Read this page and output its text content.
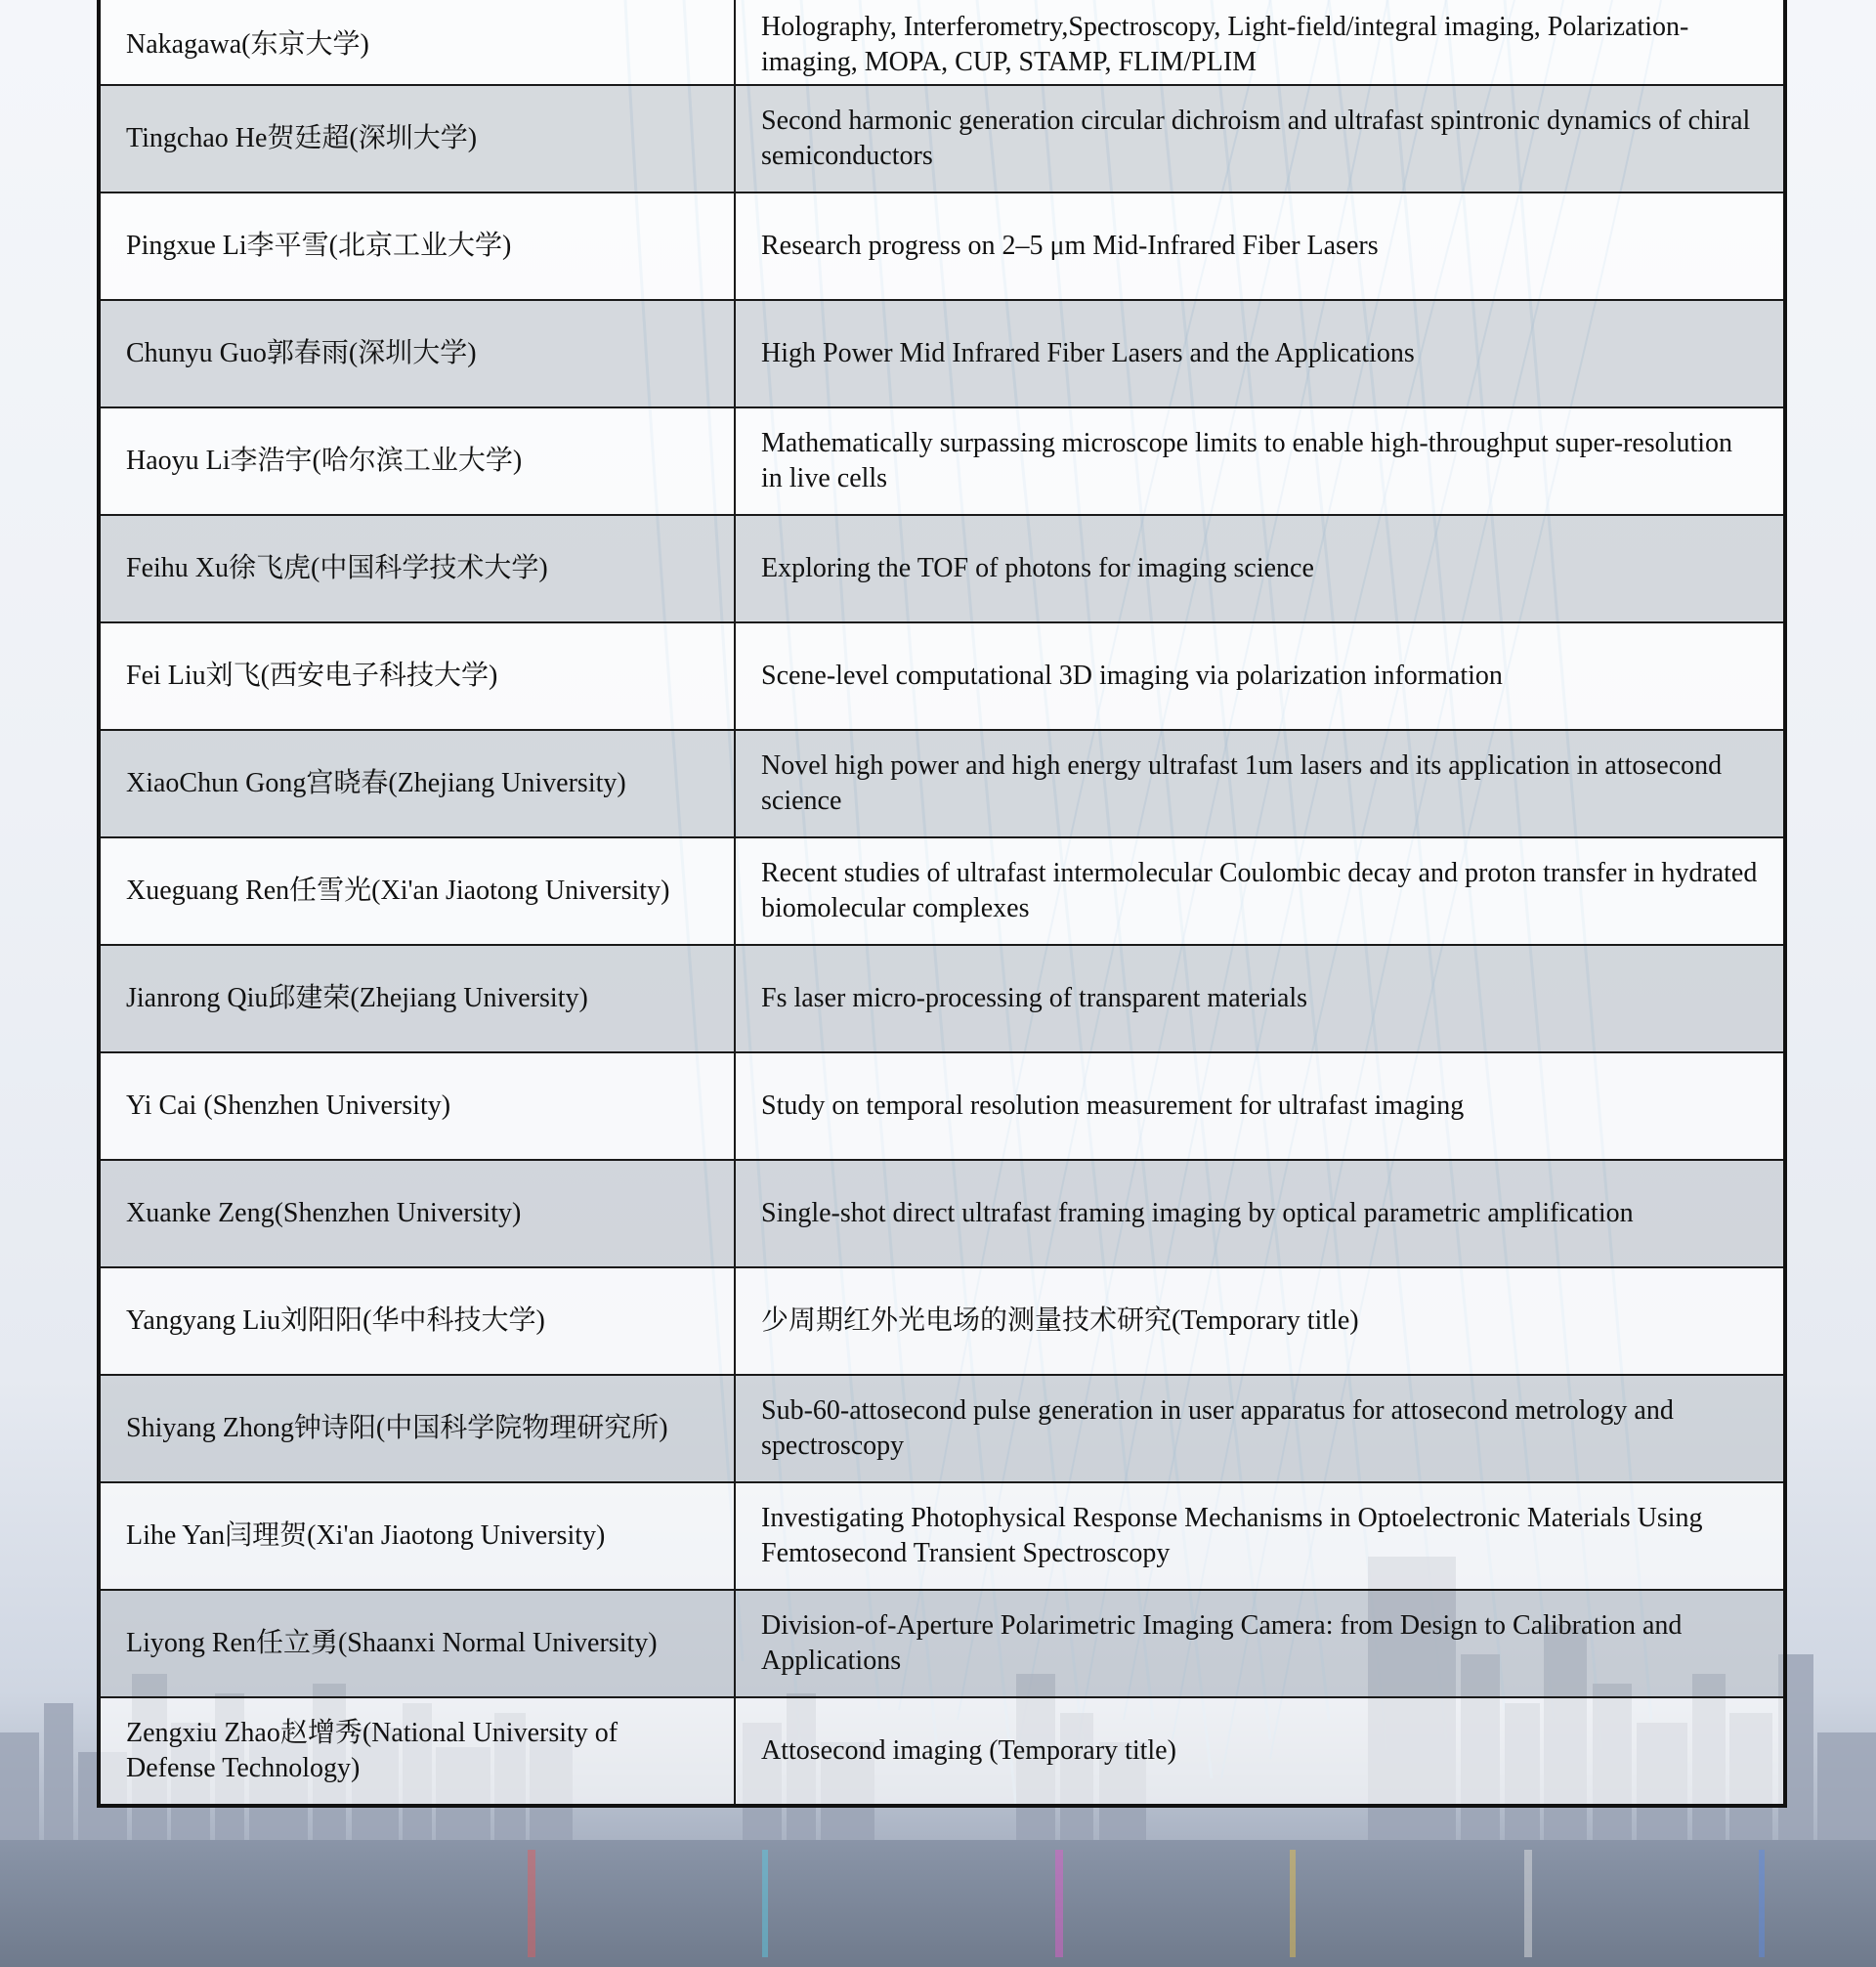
Nakagawa(东京大学)	Holography, Interferometry,Spectroscopy, Light-field/integral imaging, Polarization-imaging, MOPA, CUP, STAMP, FLIM/PLIM
Tingchao He贺廷超(深圳大学)	Second harmonic generation circular dichroism and ultrafast spintronic dynamics of chiral semiconductors
Pingxue Li李平雪(北京工业大学)	Research progress on 2–5 μm Mid-Infrared Fiber Lasers
Chunyu Guo郭春雨(深圳大学)	High Power Mid Infrared Fiber Lasers and the Applications
Haoyu Li李浩宇(哈尔滨工业大学)	Mathematically surpassing microscope limits to enable high-throughput super-resolution in live cells
Feihu Xu徐飞虎(中国科学技术大学)	Exploring the TOF of photons for imaging science
Fei Liu刘飞(西安电子科技大学)	Scene-level computational 3D imaging via polarization information
XiaoChun Gong宫晓春(Zhejiang University)	Novel high power and high energy ultrafast 1um lasers and its application in attosecond science
Xueguang Ren任雪光(Xi'an Jiaotong University)	Recent studies of ultrafast intermolecular Coulombic decay and proton transfer in hydrated biomolecular complexes
Jianrong Qiu邱建荣(Zhejiang University)	Fs laser micro-processing of transparent materials
Yi Cai (Shenzhen University)	Study on temporal resolution measurement for ultrafast imaging
Xuanke Zeng(Shenzhen University)	Single-shot direct ultrafast framing imaging by optical parametric amplification
Yangyang Liu刘阳阳(华中科技大学)	少周期红外光电场的测量技术研究(Temporary title)
Shiyang Zhong钟诗阳(中国科学院物理研究所)	Sub-60-attosecond pulse generation in user apparatus for attosecond metrology and spectroscopy
Lihe Yan闫理贺(Xi'an Jiaotong University)	Investigating Photophysical Response Mechanisms in Optoelectronic Materials Using Femtosecond Transient Spectroscopy
Liyong Ren任立勇(Shaanxi Normal University)	Division-of-Aperture Polarimetric Imaging Camera: from Design to Calibration and Applications
Zengxiu Zhao赵增秀(National University of Defense Technology)	Attosecond imaging (Temporary title)
